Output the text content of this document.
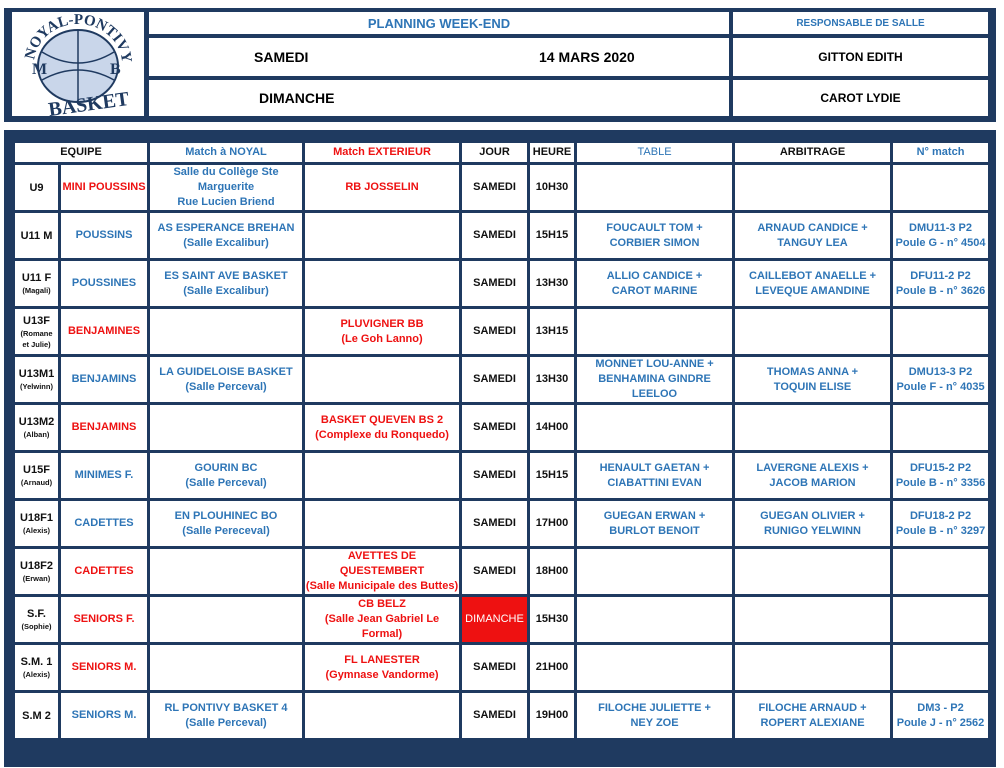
NOYAL-PONTIVY
M	B
BASKET
PLANNING WEEK-END	RESPONSABLE DE SALLE
SAMEDI	14 MARS 2020	GITTON EDITH
DIMANCHE	CAROT LYDIE
EQUIPE		Match à NOYAL	Match EXTERIEUR	JOUR	HEURE	TABLE	ARBITRAGE	N° match

U9	MINI POUSSINS	Salle du Collège Ste Marguerite
Rue Lucien Briend	RB JOSSELIN	SAMEDI	10H30			

U11 M	POUSSINS	AS ESPERANCE BREHAN
(Salle Excalibur)		SAMEDI	15H15	FOUCAULT TOM +
CORBIER SIMON	ARNAUD CANDICE +
TANGUY LEA	DMU11-3 P2
Poule G - n° 4504

U11 F
(Magali)	POUSSINES	ES SAINT AVE BASKET
(Salle Excalibur)		SAMEDI	13H30	ALLIO CANDICE +
CAROT MARINE	CAILLEBOT ANAELLE +
LEVEQUE AMANDINE	DFU11-2 P2
Poule B - n° 3626

U13F
(Romane
et Julie)	BENJAMINES		PLUVIGNER BB
(Le Goh Lanno)	SAMEDI	13H15			

U13M1
(Yelwinn)	BENJAMINS	LA GUIDELOISE BASKET
(Salle Perceval)		SAMEDI	13H30	MONNET LOU-ANNE +
BENHAMINA GINDRE LEELOO	THOMAS ANNA +
TOQUIN ELISE	DMU13-3 P2
Poule F - n° 4035

U13M2
(Alban)	BENJAMINS		BASKET QUEVEN BS 2
(Complexe du Ronquedo)	SAMEDI	14H00			

U15F
(Arnaud)	MINIMES F.	GOURIN BC
(Salle Perceval)		SAMEDI	15H15	HENAULT GAETAN +
CIABATTINI EVAN	LAVERGNE ALEXIS +
JACOB MARION	DFU15-2 P2
Poule B - n° 3356

U18F1
(Alexis)	CADETTES	EN PLOUHINEC BO
(Salle Pereceval)		SAMEDI	17H00	GUEGAN ERWAN +
BURLOT BENOIT	GUEGAN OLIVIER +
RUNIGO YELWINN	DFU18-2 P2
Poule B - n° 3297

U18F2
(Erwan)	CADETTES		AVETTES DE QUESTEMBERT
(Salle Municipale des Buttes)	SAMEDI	18H00			

S.F.
(Sophie)	SENIORS F.		CB BELZ
(Salle Jean Gabriel Le Formal)	DIMANCHE	15H30			

S.M. 1
(Alexis)	SENIORS M.		FL LANESTER
(Gymnase Vandorme)	SAMEDI	21H00			

S.M 2	SENIORS M.	RL PONTIVY BASKET 4
(Salle Perceval)		SAMEDI	19H00	FILOCHE JULIETTE +
NEY ZOE	FILOCHE ARNAUD +
ROPERT ALEXIANE	DM3 - P2
Poule J - n° 2562
